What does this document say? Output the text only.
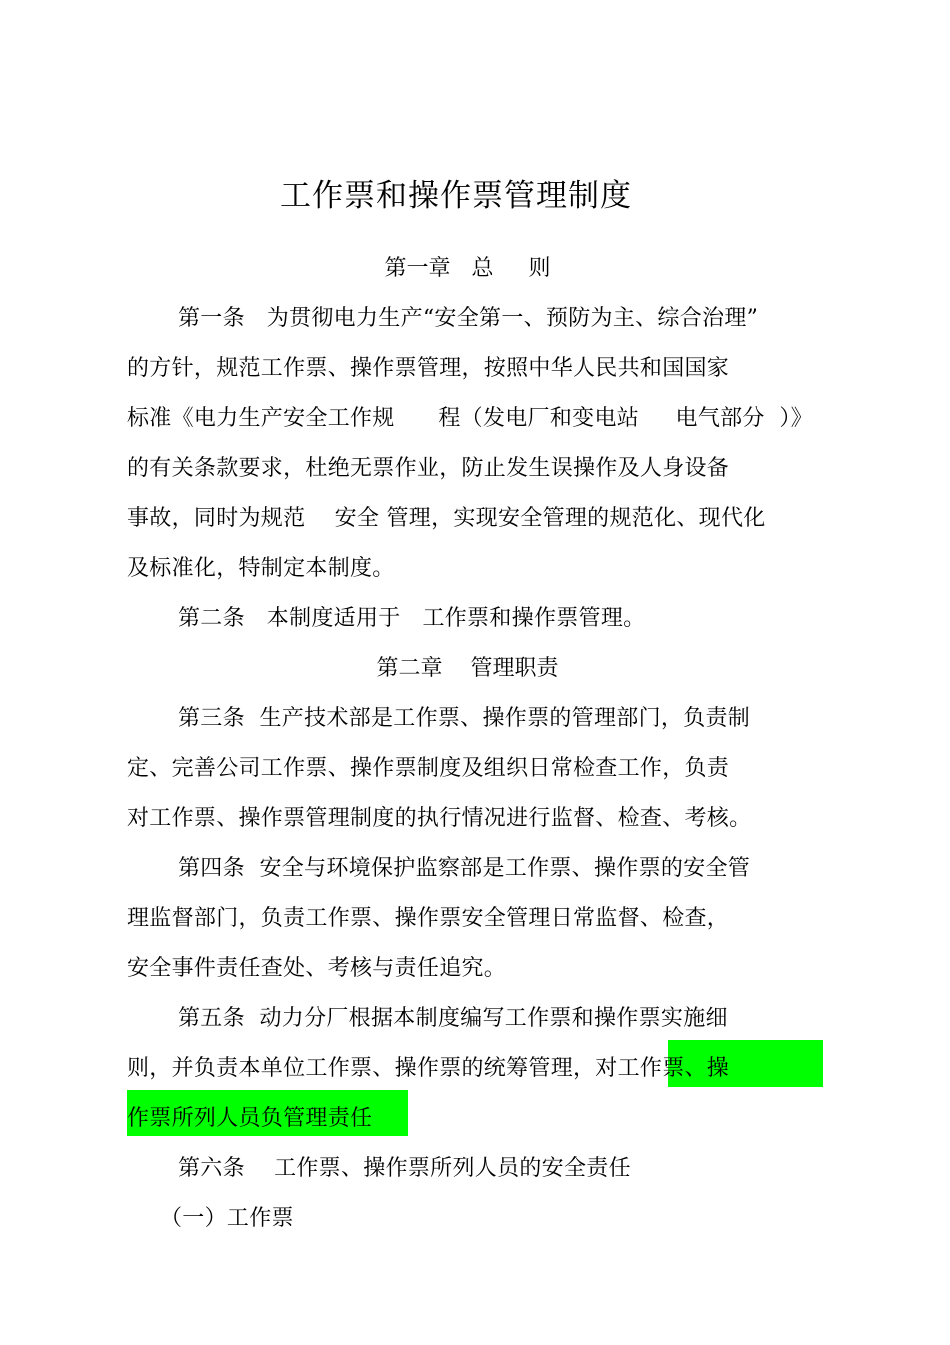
工作票和操作票管理制度
第一章   总     则
第一条   为贯彻电力生产“安全第一、预防为主、综合治理”
的方针，规范工作票、操作票管理，按照中华人民共和国国家
标准《电力生产安全工作规      程（发电厂和变电站     电气部分  ）》
的有关条款要求，杜绝无票作业，防止发生误操作及人身设备
事故，同时为规范    安全 管理，实现安全管理的规范化、现代化
及标准化，特制定本制度。
第二条   本制度适用于   工作票和操作票管理。
第二章    管理职责
第三条  生产技术部是工作票、操作票的管理部门，负责制
定、完善公司工作票、操作票制度及组织日常检查工作，负责
对工作票、操作票管理制度的执行情况进行监督、检查、考核。
第四条  安全与环境保护监察部是工作票、操作票的安全管
理监督部门，负责工作票、操作票安全管理日常监督、检查，
安全事件责任查处、考核与责任追究。
第五条  动力分厂根据本制度编写工作票和操作票实施细
则，并负责本单位工作票、操作票的统筹管理，对工作票、操
作票所列人员负管理责任
第六条    工作票、操作票所列人员的安全责任
（一）工作票
